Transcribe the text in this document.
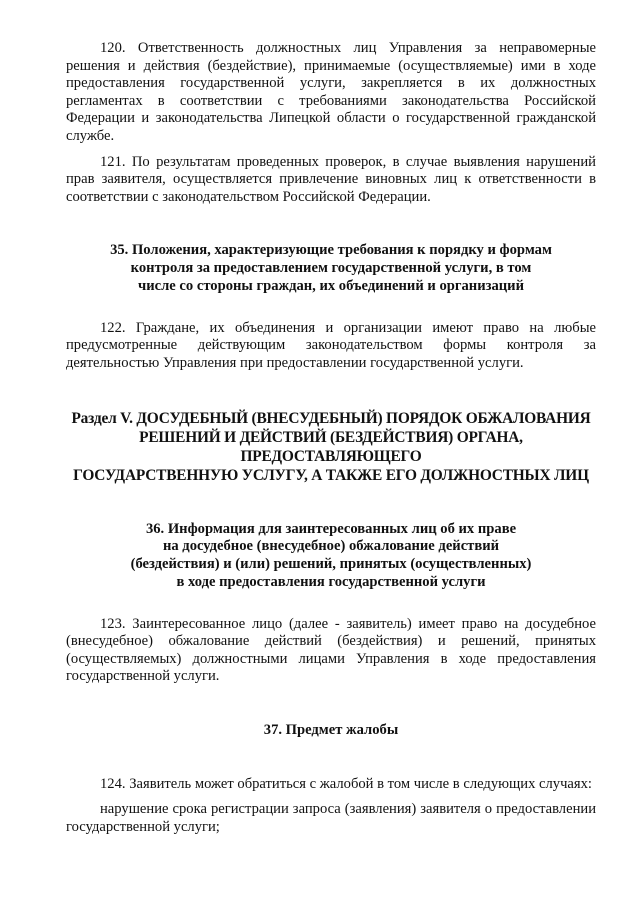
120. Ответственность должностных лиц Управления за неправомерные решения и действия (бездействие), принимаемые (осуществляемые) ими в ходе предоставления государственной услуги, закрепляется в их должностных регламентах в соответствии с требованиями законодательства Российской Федерации и законодательства Липецкой области о государственной гражданской службе.

121. По результатам проведенных проверок, в случае выявления нарушений прав заявителя, осуществляется привлечение виновных лиц к ответственности в соответствии с законодательством Российской Федерации.

35. Положения, характеризующие требования к порядку и формам
контроля за предоставлением государственной услуги, в том
числе со стороны граждан, их объединений и организаций

122. Граждане, их объединения и организации имеют право на любые предусмотренные действующим законодательством формы контроля за деятельностью Управления при предоставлении государственной услуги.

Раздел V. ДОСУДЕБНЫЙ (ВНЕСУДЕБНЫЙ) ПОРЯДОК ОБЖАЛОВАНИЯ
РЕШЕНИЙ И ДЕЙСТВИЙ (БЕЗДЕЙСТВИЯ) ОРГАНА,
ПРЕДОСТАВЛЯЮЩЕГО
ГОСУДАРСТВЕННУЮ УСЛУГУ, А ТАКЖЕ ЕГО ДОЛЖНОСТНЫХ ЛИЦ
36. Информация для заинтересованных лиц об их праве
на досудебное (внесудебное) обжалование действий
(бездействия) и (или) решений, принятых (осуществленных)
в ходе предоставления государственной услуги

123. Заинтересованное лицо (далее - заявитель) имеет право на досудебное (внесудебное) обжалование действий (бездействия) и решений, принятых (осуществляемых) должностными лицами Управления в ходе предоставления государственной услуги.

37. Предмет жалобы

124. Заявитель может обратиться с жалобой в том числе в следующих случаях:

нарушение срока регистрации запроса (заявления) заявителя о предоставлении государственной услуги;
